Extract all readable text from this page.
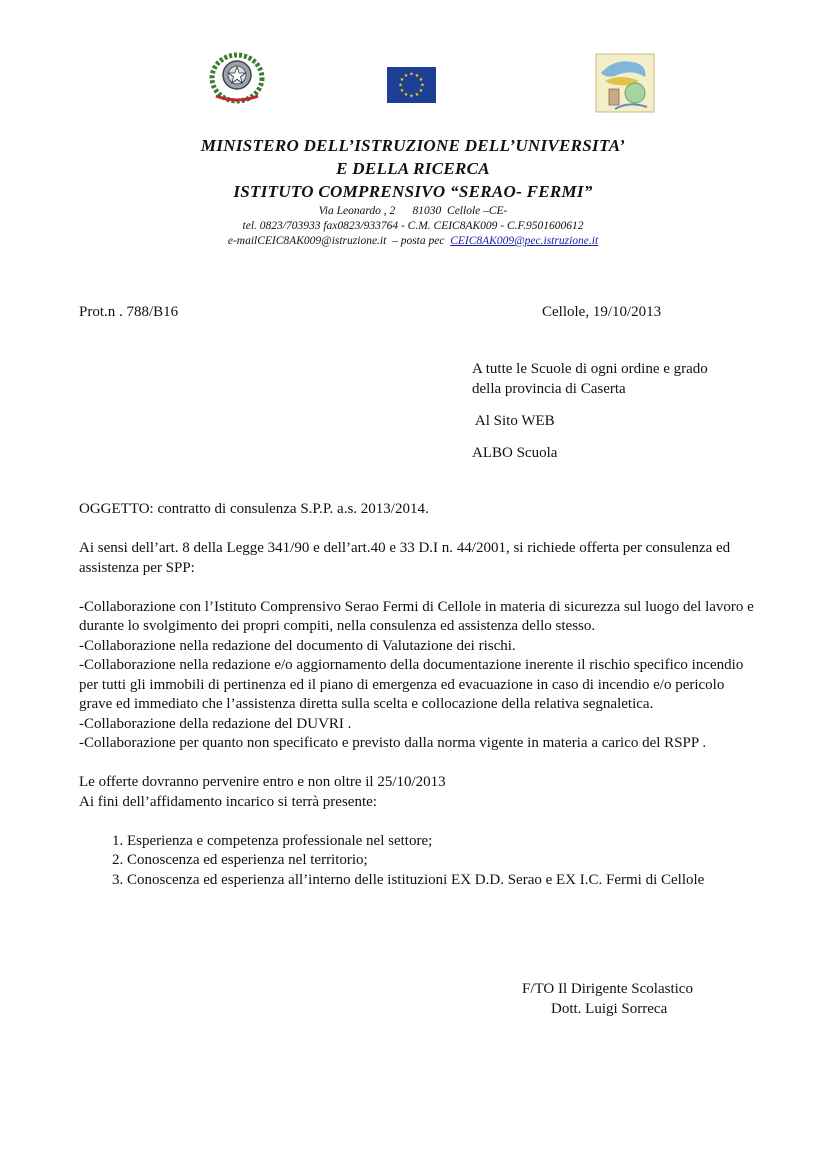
★ ★
★
★
★
★
★
★
★
★
★
★
MINISTERO DELL’ISTRUZIONE DELL’UNIVERSITA’
E DELLA RICERCA
ISTITUTO COMPRENSIVO “SERAO- FERMI”
Via Leonardo , 2      81030  Cellole –CE-
tel. 0823/703933 fax0823/933764 - C.M. CEIC8AK009 - C.F.9501600612
e-mailCEIC8AK009@istruzione.it  – posta pec  CEIC8AK009@pec.istruzione.it
Prot.n . 788/B16	Cellole, 19/10/2013
A tutte le Scuole di ogni ordine e grado
della provincia di Caserta
Al Sito WEB
ALBO Scuola

OGGETTO: contratto di consulenza S.P.P. a.s. 2013/2014.

Ai sensi dell’art. 8 della Legge 341/90 e dell’art.40 e 33 D.I n. 44/2001, si richiede offerta per consulenza ed assistenza per SPP:

-Collaborazione con l’Istituto Comprensivo Serao Fermi di Cellole in materia di sicurezza sul luogo del lavoro e durante lo svolgimento dei propri compiti, nella consulenza ed assistenza dello stesso.

-Collaborazione nella redazione del documento di Valutazione dei rischi.

-Collaborazione nella redazione e/o aggiornamento della documentazione inerente il rischio specifico incendio per tutti gli immobili di pertinenza ed il piano di emergenza ed evacuazione in caso di incendio e/o pericolo grave ed immediato che l’assistenza diretta sulla scelta e collocazione della relativa segnaletica.

-Collaborazione della redazione del DUVRI .

-Collaborazione per quanto non specificato e previsto dalla norma vigente in materia a carico del RSPP .

Le offerte dovranno pervenire entro e non oltre il 25/10/2013

Ai fini dell’affidamento incarico si terrà presente:

1. Esperienza e competenza professionale nel settore;
2. Conoscenza ed esperienza nel territorio;
3. Conoscenza ed esperienza all’interno delle istituzioni EX D.D. Serao e EX I.C. Fermi di Cellole
F/TO Il Dirigente Scolastico
Dott. Luigi Sorreca
